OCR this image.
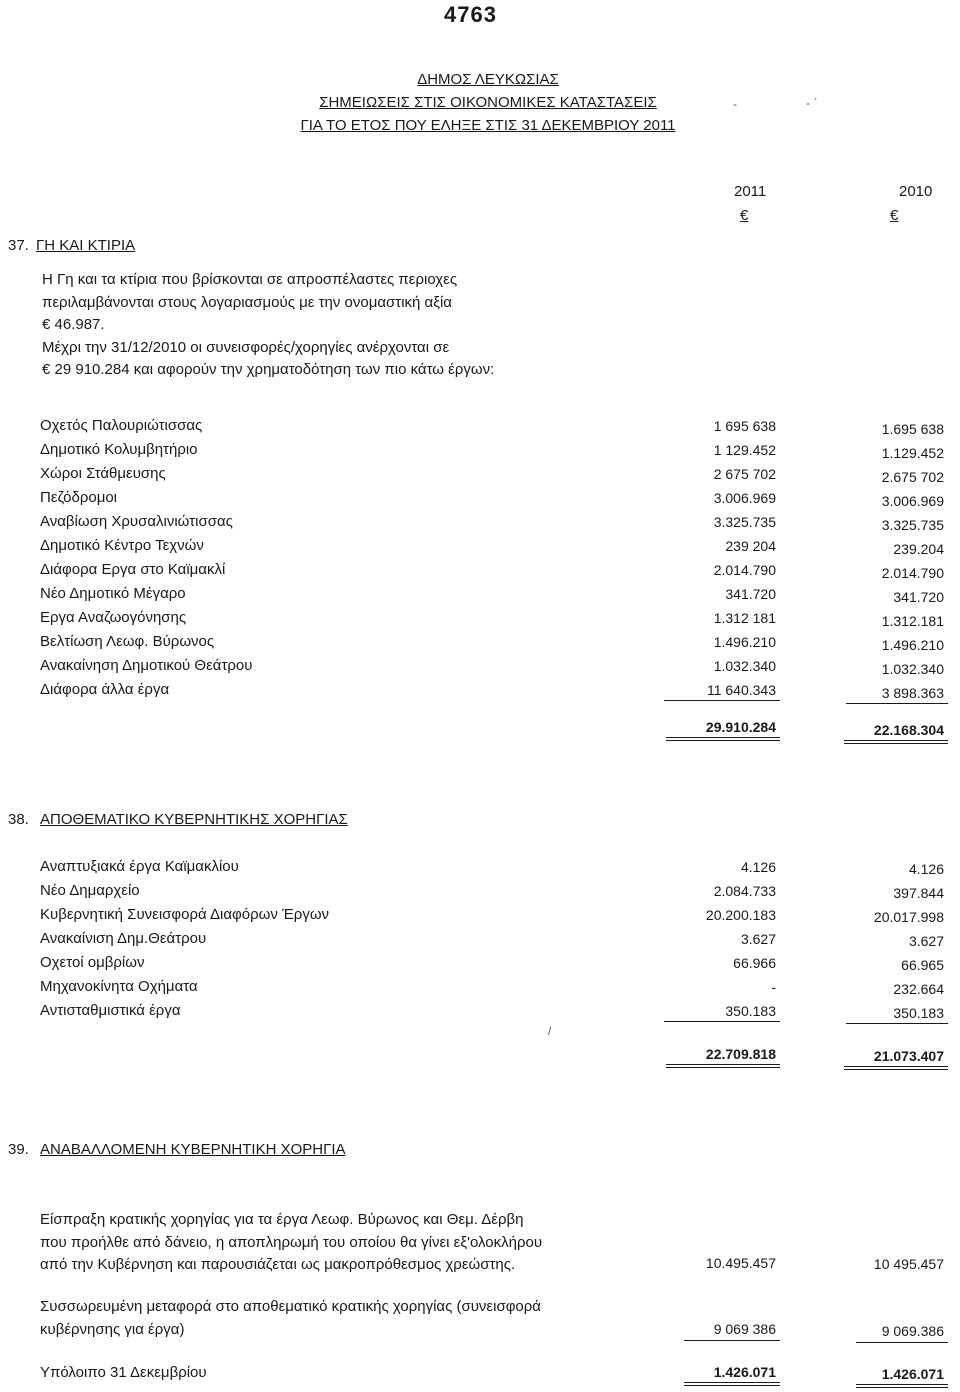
4763
ΔΗΜΟΣ ΛΕΥΚΩΣΙΑΣ
ΣΗΜΕΙΩΣΕΙΣ ΣΤΙΣ ΟΙΚΟΝΟΜΙΚΕΣ ΚΑΤΑΣΤΑΣΕΙΣ
ΓΙΑ ΤΟ ΕΤΟΣ ΠΟΥ ΕΛΗΞΕ ΣΤΙΣ 31 ΔΕΚΕΜΒΡΙΟΥ 2011
-	- ˊ
2011	2010
€	€
37. ΓΗ ΚΑΙ ΚΤΙΡΙΑ
Η Γη και τα κτίρια που βρίσκονται σε απροσπέλαστες περιοχες
περιλαμβάνονται στους λογαριασμούς με την ονομαστική αξία
€ 46.987.
Μέχρι την 31/12/2010 οι συνεισφορές/χορηγίες ανέρχονται σε
€ 29 910.284 και αφορούν την χρηματοδότηση των πιο κάτω έργων:
Οχετός Παλουριώτισσας	1 695 638	1.695 638
Δημοτικό Κολυμβητήριο	1 129.452	1.129.452
Χώροι Στάθμευσης	2 675 702	2.675 702
Πεζόδρομοι	3.006.969	3.006.969
Αναβίωση Χρυσαλινιώτισσας	3.325.735	3.325.735
Δημοτικό Κέντρο Τεχνών	239 204	239.204
Διάφορα Εργα στο Καϊμακλί	2.014.790	2.014.790
Νέο Δημοτικό Μέγαρο	341.720	341.720
Εργα Αναζωογόνησης	1.312 181	1.312.181
Βελτίωση Λεωφ. Βύρωνος	1.496.210	1.496.210
Ανακαίνηση Δημοτικού Θεάτρου	1.032.340	1.032.340
Διάφορα άλλα έργα	11 640.343	3 898.363
29.910.284	22.168.304
38. ΑΠΟΘΕΜΑΤΙΚΟ ΚΥΒΕΡΝΗΤΙΚΗΣ ΧΟΡΗΓΙΑΣ
Αναπτυξιακά έργα Καϊμακλίου	4.126	4.126
Νέο Δημαρχείο	2.084.733	397.844
Κυβερνητική Συνεισφορά Διαφόρων Έργων	20.200.183	20.017.998
Ανακαίνιση Δημ.Θεάτρου	3.627	3.627
Οχετοί ομβρίων	66.966	66.965
Μηχανοκίνητα Οχήματα	-	232.664
Αντισταθμιστικά έργα	350.183	350.183
/
22.709.818	21.073.407
39. ΑΝΑΒΑΛΛΟΜΕΝΗ ΚΥΒΕΡΝΗΤΙΚΗ ΧΟΡΗΓΙΑ
Είσπραξη κρατικής χορηγίας για τα έργα Λεωφ. Βύρωνος και Θεμ. Δέρβη
που προήλθε από δάνειο, η αποπληρωμή του οποίου θα γίνει εξ'ολοκλήρου
από την Κυβέρνηση και παρουσιάζεται ως μακροπρόθεσμος χρεώστης.	10.495.457	10 495.457
Συσσωρευμένη μεταφορά στο αποθεματικό κρατικής χορηγίας (συνεισφορά
κυβέρνησης για έργα)	9 069 386	9 069.386
Υπόλοιπο 31 Δεκεμβρίου	1.426.071	1.426.071
